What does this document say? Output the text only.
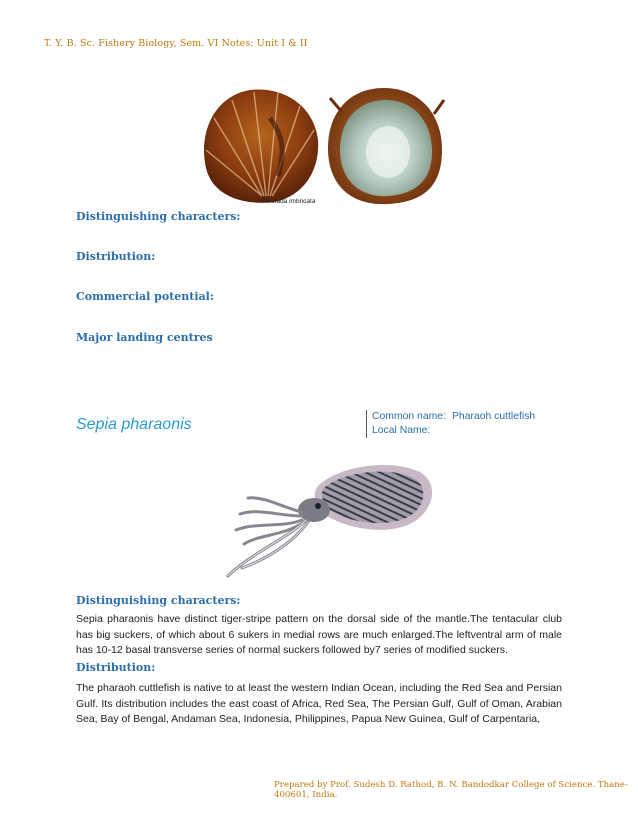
T. Y. B. Sc. Fishery Biology, Sem. VI Notes: Unit I & II
Pinctada imbricata
Distinguishing characters:
Distribution:
Commercial potential:
Major landing centres
Sepia pharaonis	Common name: Pharaoh cuttlefish
Local Name:
Distinguishing characters:
Sepia pharaonis have distinct tiger-stripe pattern on the dorsal side of the mantle.The tentacular club has big suckers, of which about 6 sukers in medial rows are much enlarged.The leftventral arm of male has 10-12 basal transverse series of normal suckers followed by7 series of modified suckers.
Distribution:
The pharaoh cuttlefish is native to at least the western Indian Ocean, including the Red Sea and Persian Gulf. Its distribution includes the east coast of Africa, Red Sea, The Persian Gulf, Gulf of Oman, Arabian Sea, Bay of Bengal, Andaman Sea, Indonesia, Philippines, Papua New Guinea, Gulf of Carpentaria,
Prepared by Prof. Sudesh D. Rathod, B. N. Bandodkar College of Science. Thane-400601, India.
